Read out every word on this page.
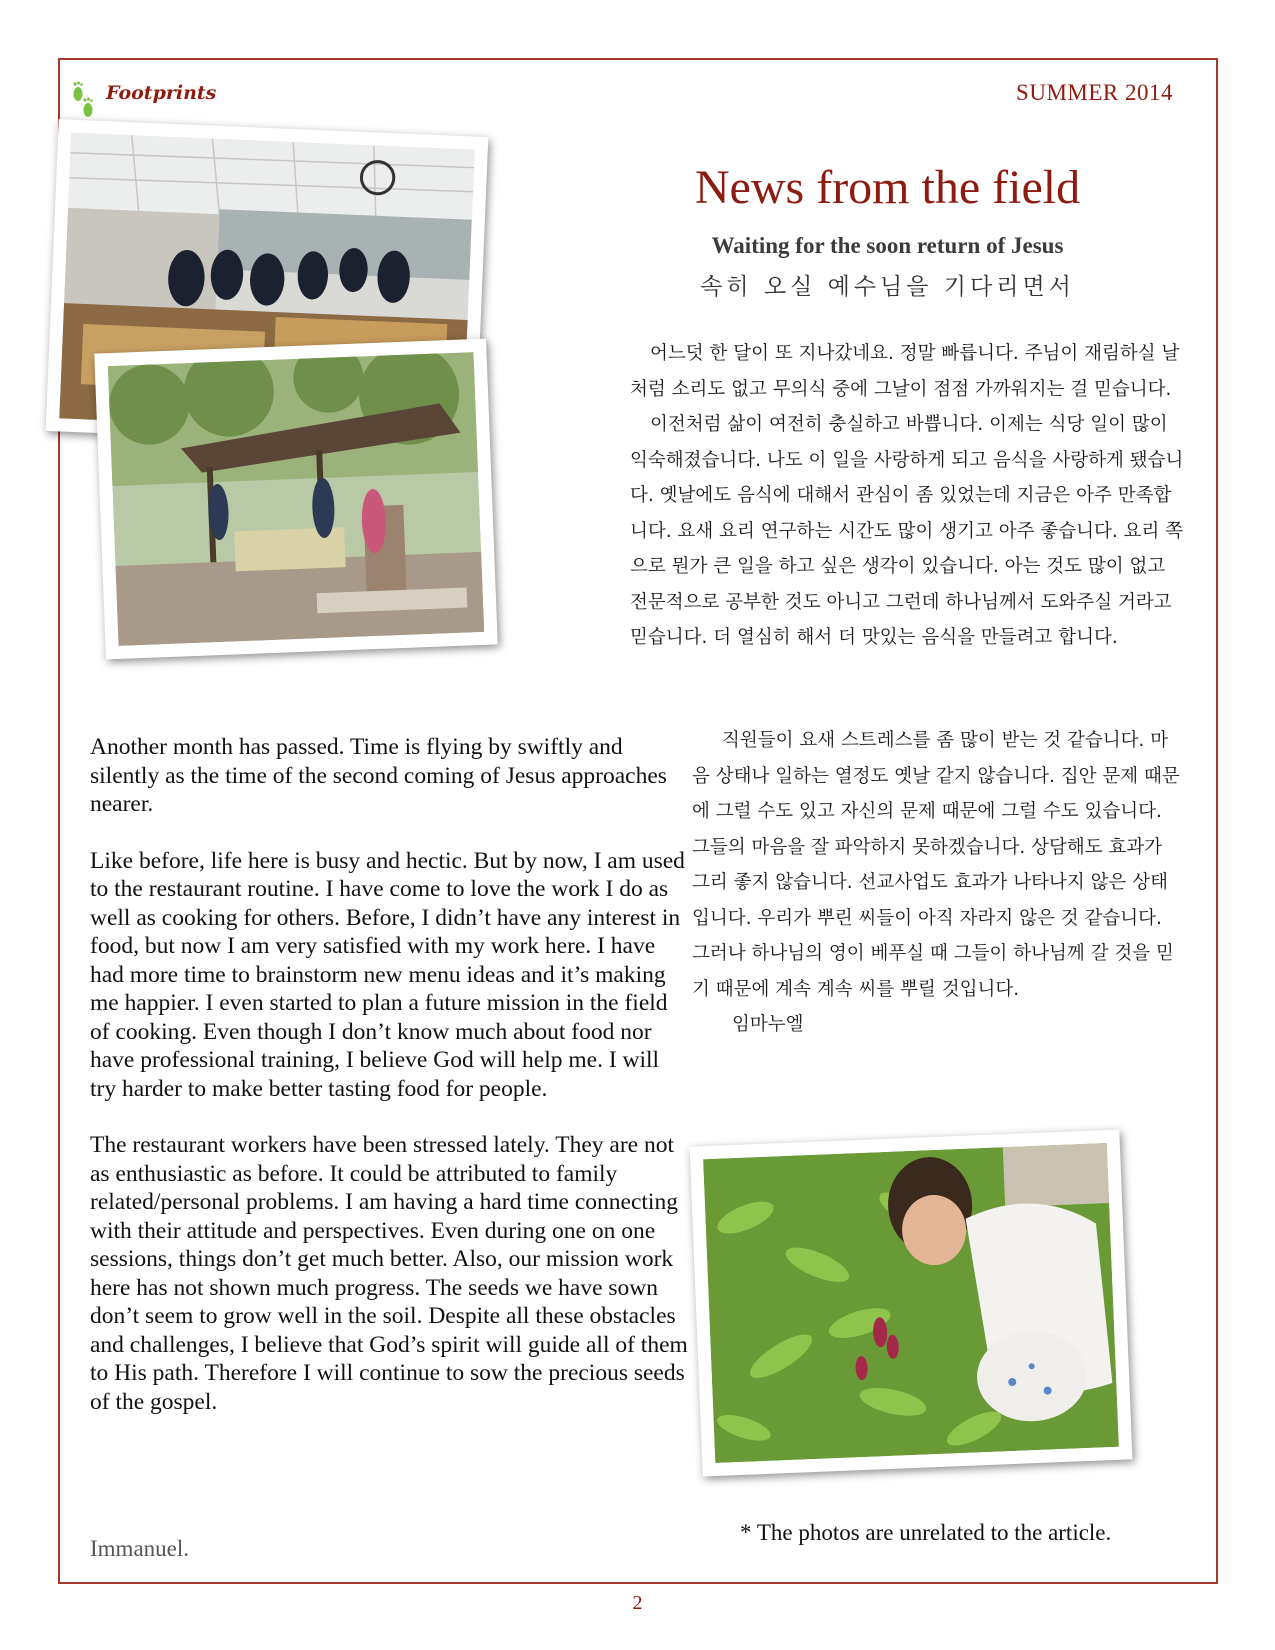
Footprints	SUMMER 2014
News from the field
Waiting for the soon return of Jesus
속히 오실 예수님을 기다리면서

어느덧 한 달이 또 지나갔네요. 정말 빠릅니다. 주님이 재림하실 날처럼 소리도 없고 무의식 중에 그날이 점점 가까워지는 걸 믿습니다.

이전처럼 삶이 여전히 충실하고 바쁩니다. 이제는 식당 일이 많이 익숙해졌습니다. 나도 이 일을 사랑하게 되고 음식을 사랑하게 됐습니다. 옛날에도 음식에 대해서 관심이 좀 있었는데 지금은 아주 만족합니다. 요새 요리 연구하는 시간도 많이 생기고 아주 좋습니다. 요리 쪽으로 뭔가 큰 일을 하고 싶은 생각이 있습니다. 아는 것도 많이 없고 전문적으로 공부한 것도 아니고 그런데 하나님께서 도와주실 거라고 믿습니다. 더 열심히 해서 더 맛있는 음식을 만들려고 합니다.

직원들이 요새 스트레스를 좀 많이 받는 것 같습니다. 마음 상태나 일하는 열정도 옛날 같지 않습니다. 집안 문제 때문에 그럴 수도 있고 자신의 문제 때문에 그럴 수도 있습니다. 그들의 마음을 잘 파악하지 못하겠습니다. 상담해도 효과가 그리 좋지 않습니다. 선교사업도 효과가 나타나지 않은 상태입니다. 우리가 뿌린 씨들이 아직 자라지 않은 것 같습니다. 그러나 하나님의 영이 베푸실 때 그들이 하나님께 갈 것을 믿기 때문에 계속 계속 씨를 뿌릴 것입니다.

임마누엘

Another month has passed. Time is flying by swiftly and silently as the time of the second coming of Jesus approaches nearer.

Like before, life here is busy and hectic. But by now, I am used to the restaurant routine. I have come to love the work I do as well as cooking for others. Before, I didn’t have any interest in food, but now I am very satisfied with my work here. I have had more time to brainstorm new menu ideas and it’s making me happier. I even started to plan a future mission in the field of cooking. Even though I don’t know much about food nor have professional training, I believe God will help me. I will try harder to make better tasting food for people.

The restaurant workers have been stressed lately. They are not as enthusiastic as before. It could be attributed to family related/personal problems. I am having a hard time connecting with their attitude and perspectives. Even during one on one sessions, things don’t get much better. Also, our mission work here has not shown much progress. The seeds we have sown don’t seem to grow well in the soil. Despite all these obstacles and challenges, I believe that God’s spirit will guide all of them to His path. Therefore I will continue to sow the precious seeds of the gospel.

Immanuel.
* The photos are unrelated to the article.
2
